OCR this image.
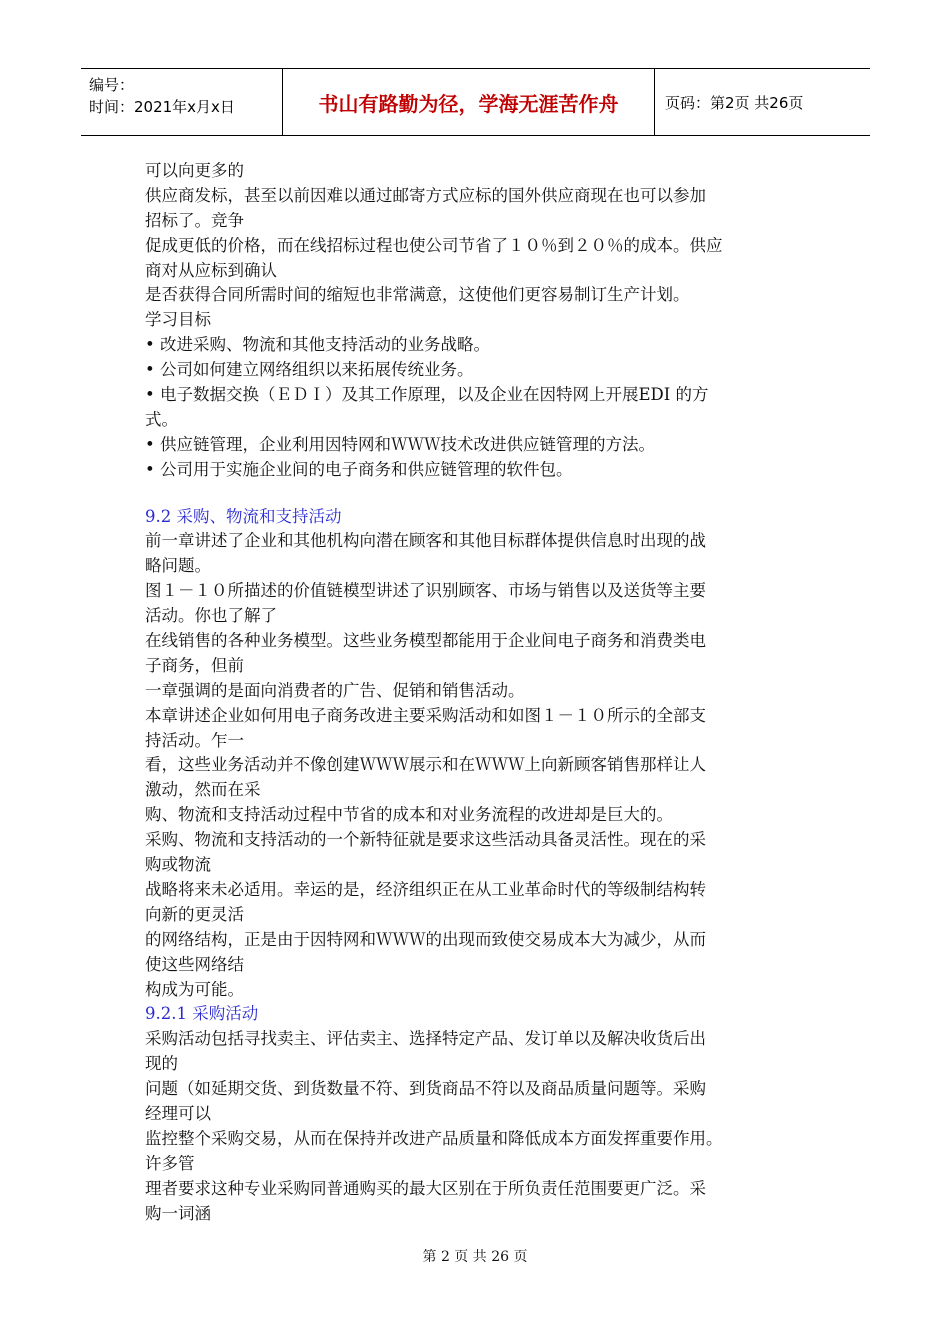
编号：
时间：2021年x月x日	书山有路勤为径，学海无涯苦作舟	页码：第2页 共26页
可以向更多的
供应商发标，甚至以前因难以通过邮寄方式应标的国外供应商现在也可以参加
招标了。竞争
促成更低的价格，而在线招标过程也使公司节省了１０％到２０％的成本。供应
商对从应标到确认
是否获得合同所需时间的缩短也非常满意，这使他们更容易制订生产计划。
学习目标
• 改进采购、物流和其他支持活动的业务战略。
• 公司如何建立网络组织以来拓展传统业务。
• 电子数据交换（ＥＤＩ）及其工作原理，以及企业在因特网上开展EDI 的方
式。
• 供应链管理，企业利用因特网和ＷＷＷ技术改进供应链管理的方法。
• 公司用于实施企业间的电子商务和供应链管理的软件包。
9.2 采购、物流和支持活动
前一章讲述了企业和其他机构向潜在顾客和其他目标群体提供信息时出现的战
略问题。
图１－１０所描述的价值链模型讲述了识别顾客、市场与销售以及送货等主要
活动。你也了解了
在线销售的各种业务模型。这些业务模型都能用于企业间电子商务和消费类电
子商务，但前
一章强调的是面向消费者的广告、促销和销售活动。
本章讲述企业如何用电子商务改进主要采购活动和如图１－１０所示的全部支
持活动。乍一
看，这些业务活动并不像创建ＷＷＷ展示和在ＷＷＷ上向新顾客销售那样让人
激动，然而在采
购、物流和支持活动过程中节省的成本和对业务流程的改进却是巨大的。
采购、物流和支持活动的一个新特征就是要求这些活动具备灵活性。现在的采
购或物流
战略将来未必适用。幸运的是，经济组织正在从工业革命时代的等级制结构转
向新的更灵活
的网络结构，正是由于因特网和ＷＷＷ的出现而致使交易成本大为减少，从而
使这些网络结
构成为可能。
9.2.1 采购活动
采购活动包括寻找卖主、评估卖主、选择特定产品、发订单以及解决收货后出
现的
问题（如延期交货、到货数量不符、到货商品不符以及商品质量问题等。采购
经理可以
监控整个采购交易，从而在保持并改进产品质量和降低成本方面发挥重要作用。
许多管
理者要求这种专业采购同普通购买的最大区别在于所负责任范围要更广泛。采
购一词涵
第 2 页 共 26 页
